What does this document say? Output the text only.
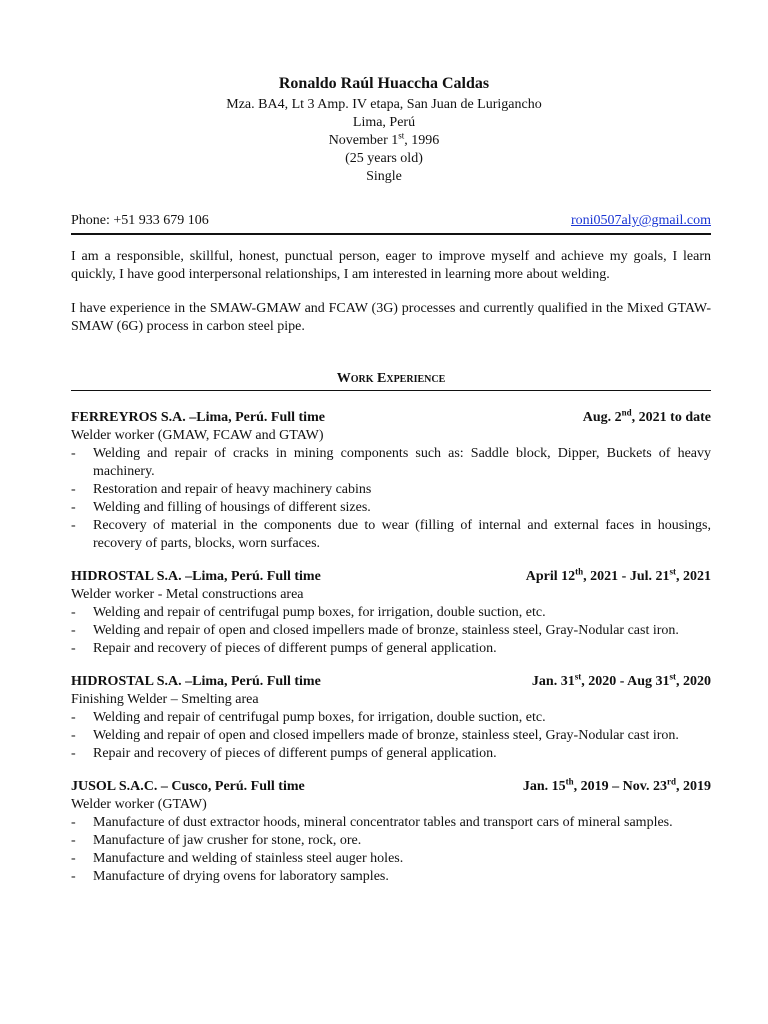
Ronaldo Raúl Huaccha Caldas
Mza. BA4, Lt 3 Amp. IV etapa, San Juan de Lurigancho
Lima, Perú
November 1st, 1996
(25 years old)
Single
Phone: +51 933 679 106	roni0507aly@gmail.com

I am a responsible, skillful, honest, punctual person, eager to improve myself and achieve my goals, I learn quickly, I have good interpersonal relationships, I am interested in learning more about welding.

I have experience in the SMAW-GMAW and FCAW (3G) processes and currently qualified in the Mixed GTAW-SMAW (6G) process in carbon steel pipe.

Work Experience
FERREYROS S.A. –Lima, Perú. Full time	Aug. 2nd, 2021 to date
Welder worker (GMAW, FCAW and GTAW)
- Welding and repair of cracks in mining components such as: Saddle block, Dipper, Buckets of heavy machinery.
- Restoration and repair of heavy machinery cabins
- Welding and filling of housings of different sizes.
- Recovery of material in the components due to wear (filling of internal and external faces in housings, recovery of parts, blocks, worn surfaces.
HIDROSTAL S.A. –Lima, Perú. Full time	April 12th, 2021 - Jul. 21st, 2021
Welder worker - Metal constructions area
- Welding and repair of centrifugal pump boxes, for irrigation, double suction, etc.
- Welding and repair of open and closed impellers made of bronze, stainless steel, Gray-Nodular cast iron.
- Repair and recovery of pieces of different pumps of general application.
HIDROSTAL S.A. –Lima, Perú. Full time	Jan. 31st, 2020 - Aug 31st, 2020
Finishing Welder – Smelting area
- Welding and repair of centrifugal pump boxes, for irrigation, double suction, etc.
- Welding and repair of open and closed impellers made of bronze, stainless steel, Gray-Nodular cast iron.
- Repair and recovery of pieces of different pumps of general application.
JUSOL S.A.C. – Cusco, Perú. Full time	Jan. 15th, 2019 – Nov. 23rd, 2019
Welder worker (GTAW)
- Manufacture of dust extractor hoods, mineral concentrator tables and transport cars of mineral samples.
- Manufacture of jaw crusher for stone, rock, ore.
- Manufacture and welding of stainless steel auger holes.
- Manufacture of drying ovens for laboratory samples.
